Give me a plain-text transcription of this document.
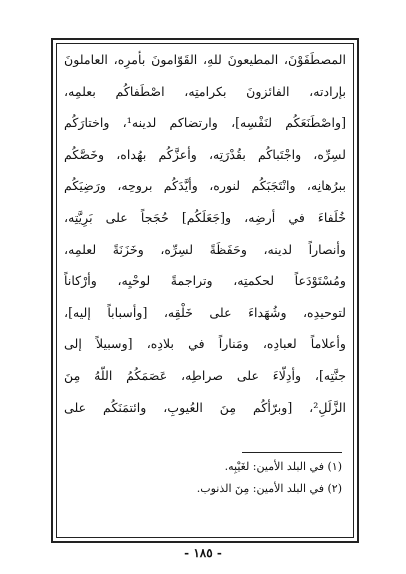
المصطَفَوْنَ، المطيعونَ للهِ، القَوّامونَ بأمرِه، العاملونَ
بإرادته، الفائزونَ بكرامتِه، اصْطَفاكُم بعلمِه،
[واصْطَنَعَكُم لنَفْسِه]، وارتضاكم لدينه¹، واختارَكُم
لسِرِّه، واجْتَباكُم بقُدْرَتِه، وأعزَّكُم بهُداه، وخَصَّكُم
ببرُهانِه، وانْتَجَبَكُم لنوره، وأيَّدَكُم بروحِه، ورَضِيَكُم
خُلَفاءَ في أرضِه، و[جَعَلَكُم] حُجَجاً على بَرِيَّتِه،
وأنصاراً لدينه، وحَفَظَةً لسِرِّه، وخَزَنَةً لعلمِه،
ومُسْتَوْدَعاً لحكمتِه، وتراجمةً لوحْيِه، وأرْكاناً
لتوحيدِه، وشُهَداءَ على خَلْقِه، [وأسباباً إليه]،
وأعلاماً لعبادِه، ومَناراً في بلادِه، [وسبيلاً إلى
جنَّتِه]، وأدِلّاءَ على صراطِه، عَصَمَكُمُ اللّهُ مِنَ
الزَّلَلِ²، [وبرّأكُم مِنَ العُيوبِ، وائتمَنَكُم على
(١) في البلد الأمين: لغَيْبِه.
(٢) في البلد الأمين: مِنَ الذنوب.
- ١٨٥ -
